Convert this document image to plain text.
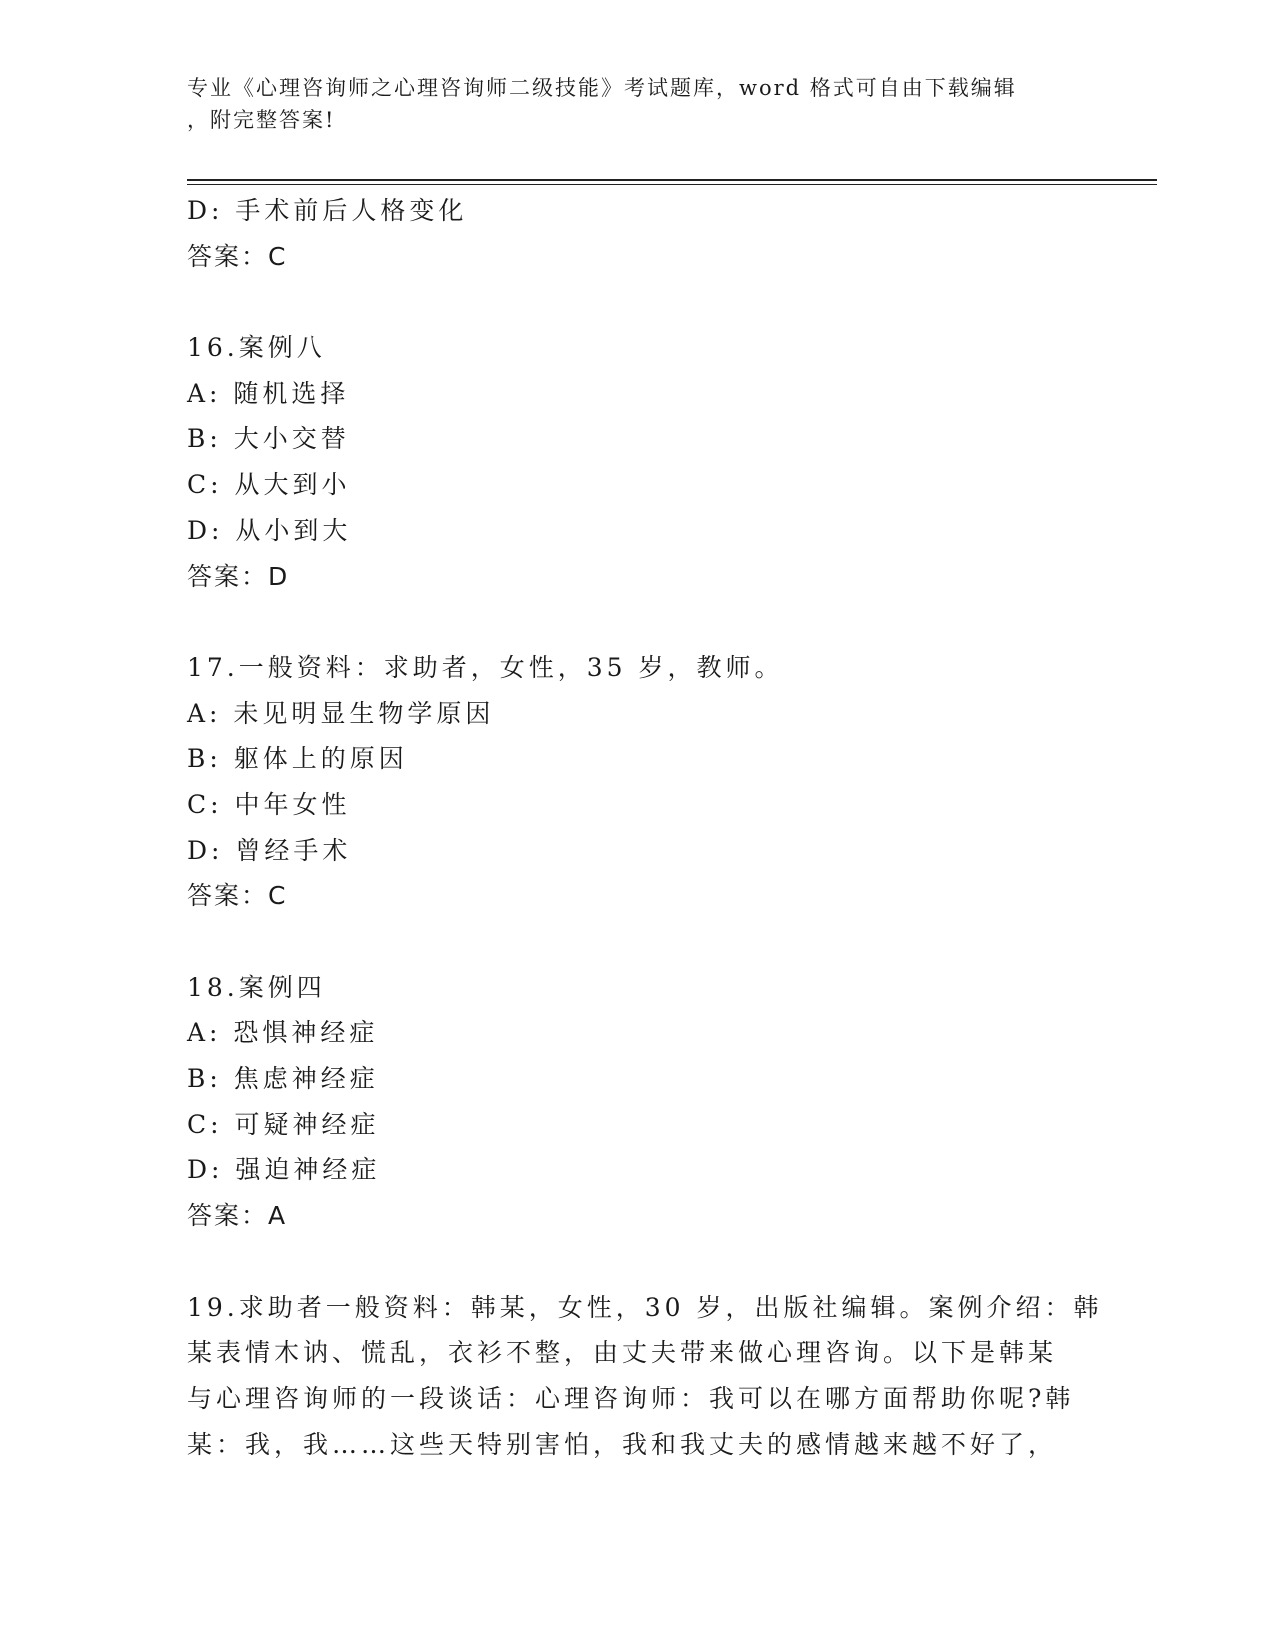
专业《心理咨询师之心理咨询师二级技能》考试题库，word 格式可自由下载编辑
，附完整答案!
D: 手术前后人格变化
答案：C
16.案例八
A: 随机选择
B: 大小交替
C: 从大到小
D: 从小到大
答案：D
17.一般资料：求助者，女性，35 岁，教师。
A: 未见明显生物学原因
B: 躯体上的原因
C: 中年女性
D: 曾经手术
答案：C
18.案例四
A: 恐惧神经症
B: 焦虑神经症
C: 可疑神经症
D: 强迫神经症
答案：A
19.求助者一般资料：韩某，女性，30 岁，出版社编辑。案例介绍：韩
某表情木讷、慌乱，衣衫不整，由丈夫带来做心理咨询。以下是韩某
与心理咨询师的一段谈话：心理咨询师：我可以在哪方面帮助你呢?韩
某：我，我……这些天特别害怕，我和我丈夫的感情越来越不好了，
